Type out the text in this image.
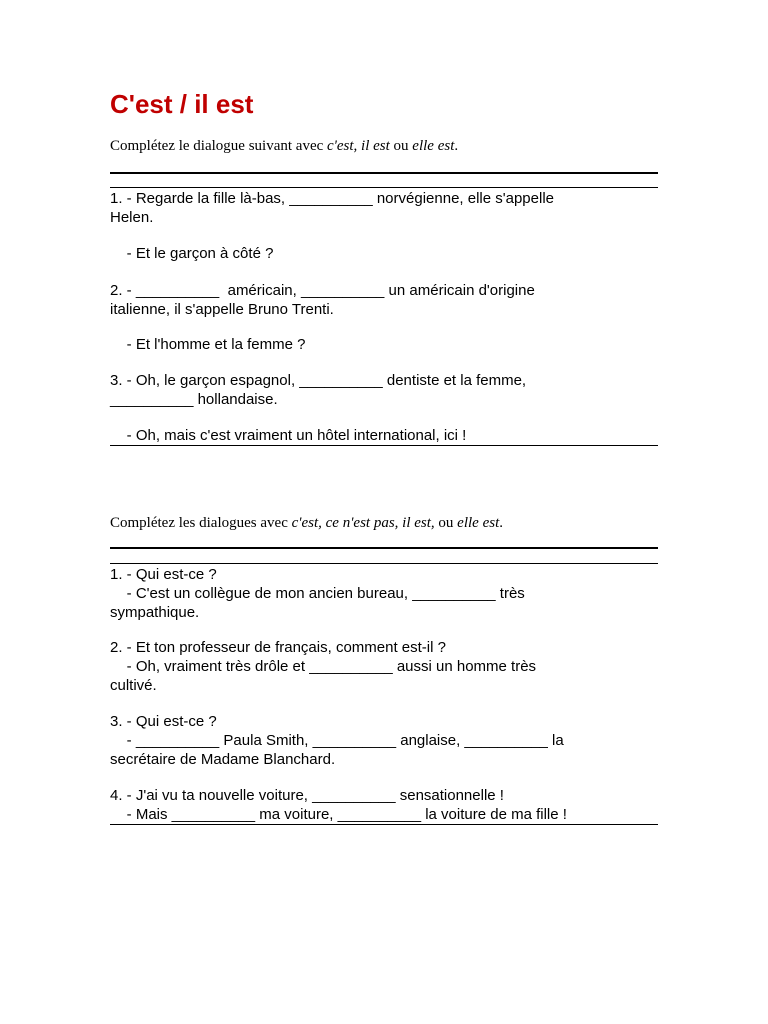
C'est / il est
Complétez le dialogue suivant avec c'est, il est ou elle est.
1. - Regarde la fille là-bas, __________ norvégienne, elle s'appelle
Helen.
- Et le garçon à côté ?
2. - __________  américain, __________ un américain d'origine
italienne, il s'appelle Bruno Trenti.
- Et l'homme et la femme ?
3. - Oh, le garçon espagnol, __________ dentiste et la femme,
__________ hollandaise.
- Oh, mais c'est vraiment un hôtel international, ici !
Complétez les dialogues avec c'est, ce n'est pas, il est, ou elle est.
1. - Qui est-ce ?
- C'est un collègue de mon ancien bureau, __________ très
sympathique.
2. - Et ton professeur de français, comment est-il ?
- Oh, vraiment très drôle et __________ aussi un homme très
cultivé.
3. - Qui est-ce ?
- __________ Paula Smith, __________ anglaise, __________ la
secrétaire de Madame Blanchard.
4. - J'ai vu ta nouvelle voiture, __________ sensationnelle !
- Mais __________ ma voiture, __________ la voiture de ma fille !
